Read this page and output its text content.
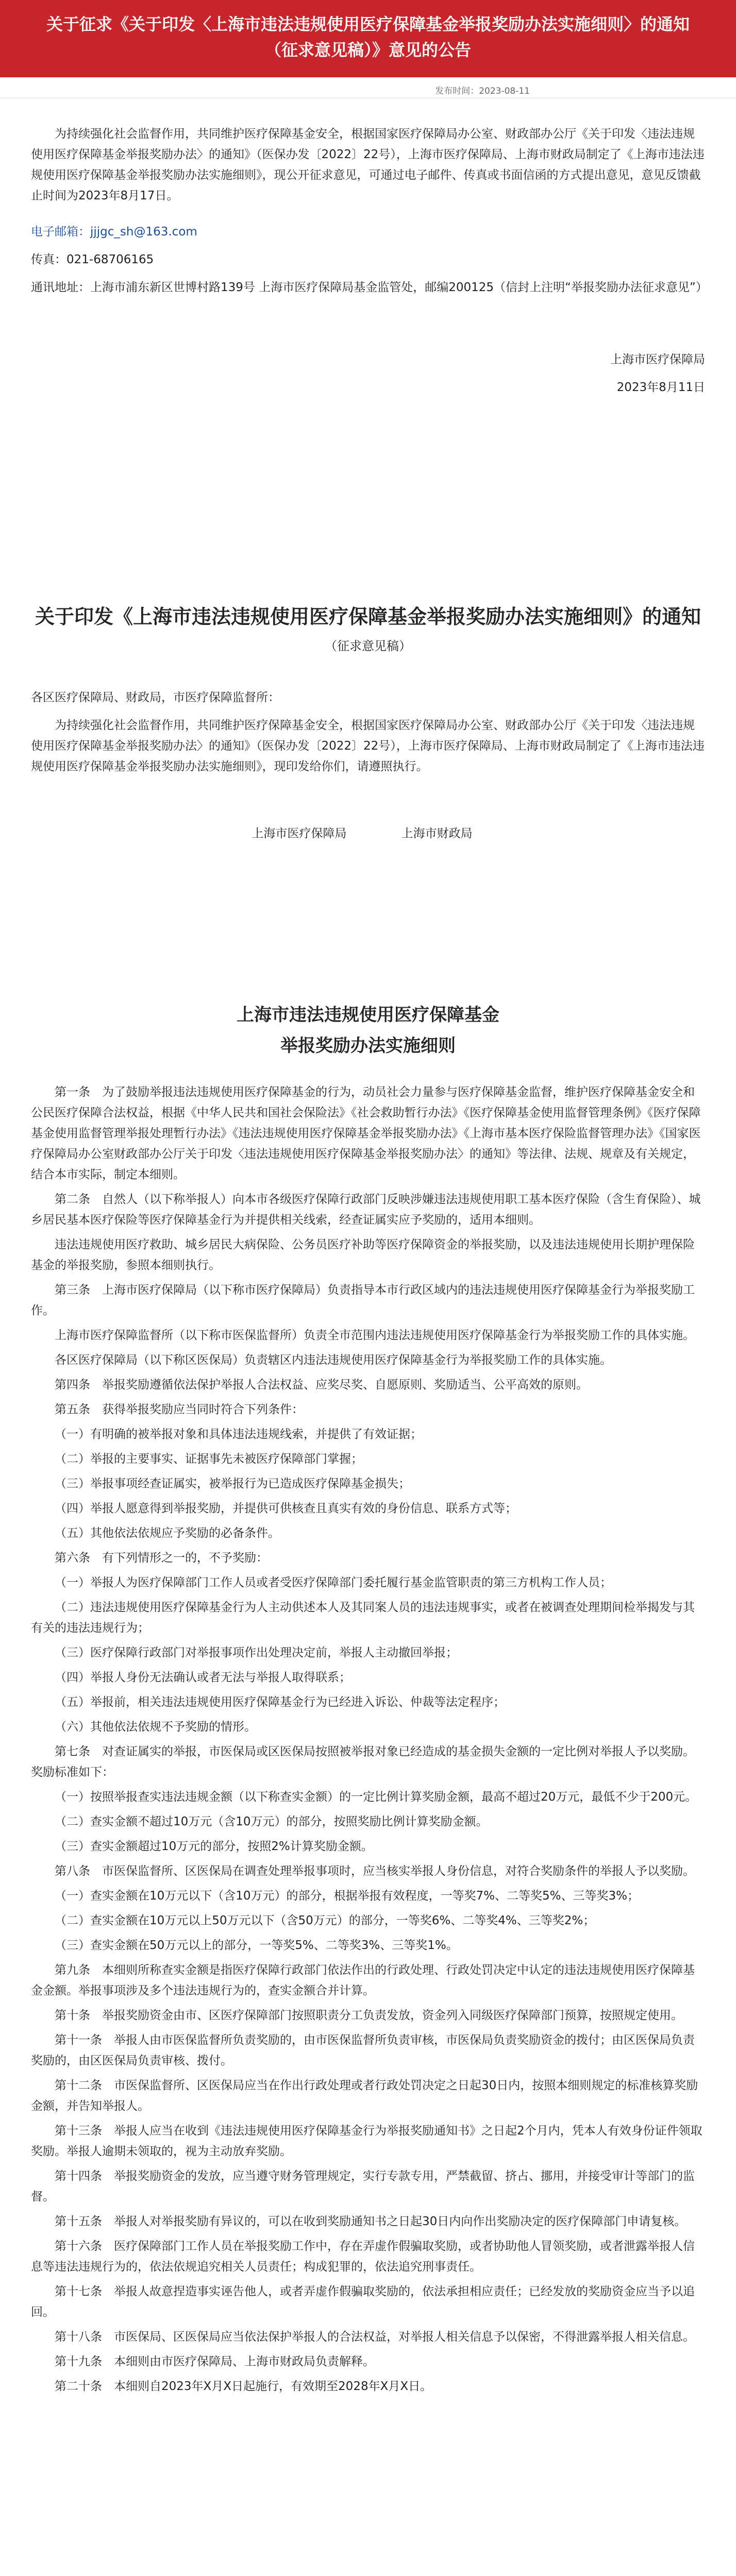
关于征求《关于印发〈上海市违法违规使用医疗保障基金举报奖励办法实施细则〉的通知
（征求意见稿）》意见的公告
发布时间：2023-08-11

为持续强化社会监督作用，共同维护医疗保障基金安全，根据国家医疗保障局办公室、财政部办公厅《关于印发〈违法违规使用医疗保障基金举报奖励办法〉的通知》（医保办发〔2022〕22号），上海市医疗保障局、上海市财政局制定了《上海市违法违规使用医疗保障基金举报奖励办法实施细则》，现公开征求意见，可通过电子邮件、传真或书面信函的方式提出意见，意见反馈截止时间为2023年8月17日。

电子邮箱：jjjgc_sh@163.com

传真：021-68706165

通讯地址：上海市浦东新区世博村路139号 上海市医疗保障局基金监管处，邮编200125（信封上注明“举报奖励办法征求意见”）

上海市医疗保障局

2023年8月11日

关于印发《上海市违法违规使用医疗保障基金举报奖励办法实施细则》的通知
（征求意见稿）

各区医疗保障局、财政局，市医疗保障监督所：

为持续强化社会监督作用，共同维护医疗保障基金安全，根据国家医疗保障局办公室、财政部办公厅《关于印发〈违法违规使用医疗保障基金举报奖励办法〉的通知》（医保办发〔2022〕22号），上海市医疗保障局、上海市财政局制定了《上海市违法违规使用医疗保障基金举报奖励办法实施细则》，现印发给你们，请遵照执行。

上海市医疗保障局	上海市财政局

上海市违法违规使用医疗保障基金
举报奖励办法实施细则

第一条　为了鼓励举报违法违规使用医疗保障基金的行为，动员社会力量参与医疗保障基金监督，维护医疗保障基金安全和公民医疗保障合法权益，根据《中华人民共和国社会保险法》《社会救助暂行办法》《医疗保障基金使用监督管理条例》《医疗保障基金使用监督管理举报处理暂行办法》《违法违规使用医疗保障基金举报奖励办法》《上海市基本医疗保险监督管理办法》《国家医疗保障局办公室财政部办公厅关于印发〈违法违规使用医疗保障基金举报奖励办法〉的通知》等法律、法规、规章及有关规定，结合本市实际，制定本细则。

第二条　自然人（以下称举报人）向本市各级医疗保障行政部门反映涉嫌违法违规使用职工基本医疗保险（含生育保险）、城乡居民基本医疗保险等医疗保障基金行为并提供相关线索，经查证属实应予奖励的，适用本细则。

违法违规使用医疗救助、城乡居民大病保险、公务员医疗补助等医疗保障资金的举报奖励，以及违法违规使用长期护理保险基金的举报奖励，参照本细则执行。

第三条　上海市医疗保障局（以下称市医疗保障局）负责指导本市行政区域内的违法违规使用医疗保障基金行为举报奖励工作。

上海市医疗保障监督所（以下称市医保监督所）负责全市范围内违法违规使用医疗保障基金行为举报奖励工作的具体实施。

各区医疗保障局（以下称区医保局）负责辖区内违法违规使用医疗保障基金行为举报奖励工作的具体实施。

第四条　举报奖励遵循依法保护举报人合法权益、应奖尽奖、自愿原则、奖励适当、公平高效的原则。

第五条　获得举报奖励应当同时符合下列条件：

（一）有明确的被举报对象和具体违法违规线索，并提供了有效证据；

（二）举报的主要事实、证据事先未被医疗保障部门掌握；

（三）举报事项经查证属实，被举报行为已造成医疗保障基金损失；

（四）举报人愿意得到举报奖励，并提供可供核查且真实有效的身份信息、联系方式等；

（五）其他依法依规应予奖励的必备条件。

第六条　有下列情形之一的，不予奖励：

（一）举报人为医疗保障部门工作人员或者受医疗保障部门委托履行基金监管职责的第三方机构工作人员；

（二）违法违规使用医疗保障基金行为人主动供述本人及其同案人员的违法违规事实，或者在被调查处理期间检举揭发与其有关的违法违规行为；

（三）医疗保障行政部门对举报事项作出处理决定前，举报人主动撤回举报；

（四）举报人身份无法确认或者无法与举报人取得联系；

（五）举报前，相关违法违规使用医疗保障基金行为已经进入诉讼、仲裁等法定程序；

（六）其他依法依规不予奖励的情形。

第七条　对查证属实的举报，市医保局或区医保局按照被举报对象已经造成的基金损失金额的一定比例对举报人予以奖励。奖励标准如下：

（一）按照举报查实违法违规金额（以下称查实金额）的一定比例计算奖励金额，最高不超过20万元，最低不少于200元。

（二）查实金额不超过10万元（含10万元）的部分，按照奖励比例计算奖励金额。

（三）查实金额超过10万元的部分，按照2%计算奖励金额。

第八条　市医保监督所、区医保局在调查处理举报事项时，应当核实举报人身份信息，对符合奖励条件的举报人予以奖励。

（一）查实金额在10万元以下（含10万元）的部分，根据举报有效程度，一等奖7%、二等奖5%、三等奖3%；

（二）查实金额在10万元以上50万元以下（含50万元）的部分，一等奖6%、二等奖4%、三等奖2%；

（三）查实金额在50万元以上的部分，一等奖5%、二等奖3%、三等奖1%。

第九条　本细则所称查实金额是指医疗保障行政部门依法作出的行政处理、行政处罚决定中认定的违法违规使用医疗保障基金金额。举报事项涉及多个违法违规行为的，查实金额合并计算。

第十条　举报奖励资金由市、区医疗保障部门按照职责分工负责发放，资金列入同级医疗保障部门预算，按照规定使用。

第十一条　举报人由市医保监督所负责奖励的，由市医保监督所负责审核，市医保局负责奖励资金的拨付；由区医保局负责奖励的，由区医保局负责审核、拨付。

第十二条　市医保监督所、区医保局应当在作出行政处理或者行政处罚决定之日起30日内，按照本细则规定的标准核算奖励金额，并告知举报人。

第十三条　举报人应当在收到《违法违规使用医疗保障基金行为举报奖励通知书》之日起2个月内，凭本人有效身份证件领取奖励。举报人逾期未领取的，视为主动放弃奖励。

第十四条　举报奖励资金的发放，应当遵守财务管理规定，实行专款专用，严禁截留、挤占、挪用，并接受审计等部门的监督。

第十五条　举报人对举报奖励有异议的，可以在收到奖励通知书之日起30日内向作出奖励决定的医疗保障部门申请复核。

第十六条　医疗保障部门工作人员在举报奖励工作中，存在弄虚作假骗取奖励，或者协助他人冒领奖励，或者泄露举报人信息等违法违规行为的，依法依规追究相关人员责任；构成犯罪的，依法追究刑事责任。

第十七条　举报人故意捏造事实诬告他人，或者弄虚作假骗取奖励的，依法承担相应责任；已经发放的奖励资金应当予以追回。

第十八条　市医保局、区医保局应当依法保护举报人的合法权益，对举报人相关信息予以保密，不得泄露举报人相关信息。

第十九条　本细则由市医疗保障局、上海市财政局负责解释。

第二十条　本细则自2023年X月X日起施行，有效期至2028年X月X日。
